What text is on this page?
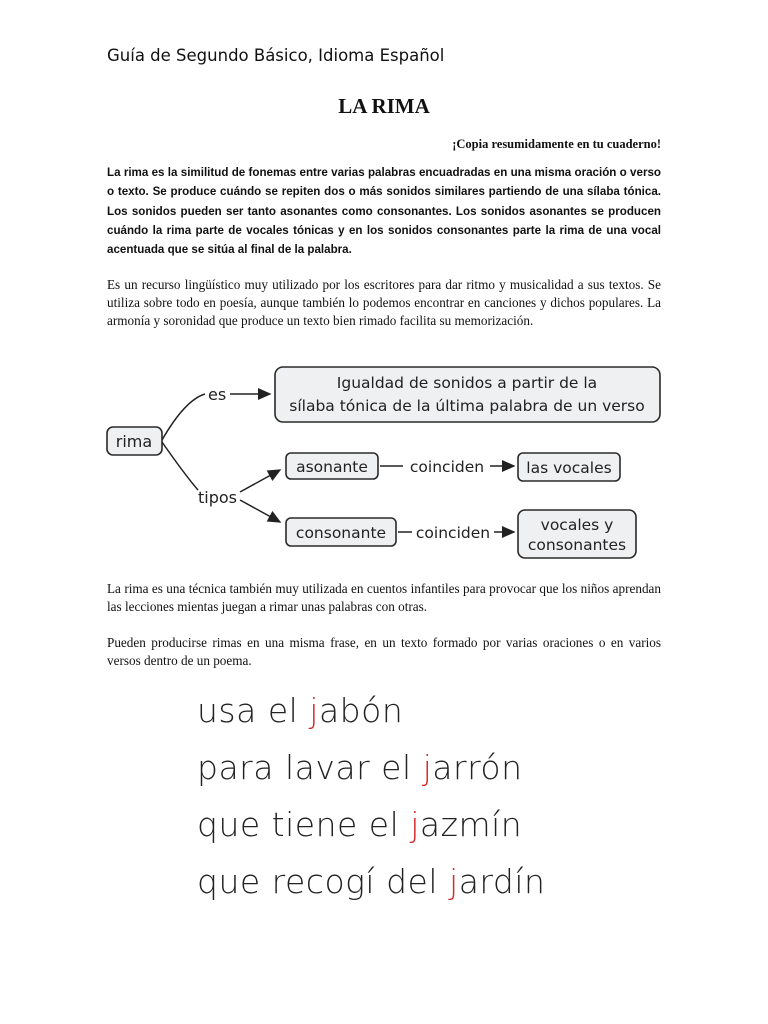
Guía de Segundo Básico, Idioma Español
LA RIMA
¡Copia resumidamente en tu cuaderno!

La rima es la similitud de fonemas entre varias palabras encuadradas en una misma oración o verso o texto. Se produce cuándo se repiten dos o más sonidos similares partiendo de una sílaba tónica. Los sonidos pueden ser tanto asonantes como consonantes. Los sonidos asonantes se producen cuándo la rima parte de vocales tónicas y en los sonidos consonantes parte la rima de una vocal acentuada que se sitúa al final de la palabra.

Es un recurso lingüístico muy utilizado por los escritores para dar ritmo y musicalidad a sus textos. Se utiliza sobre todo en poesía, aunque también lo podemos encontrar en canciones y dichos populares. La armonía y soronidad que produce un texto bien rimado facilita su memorización.

rima
es
Igualdad de sonidos a partir de la
sílaba tónica de la última palabra de un verso
tipos
asonante	coinciden	las vocales
consonante coinciden	vocales y
consonantes

La rima es una técnica también muy utilizada en cuentos infantiles para provocar que los niños aprendan las lecciones mientas juegan a rimar unas palabras con otras.

Pueden producirse rimas en una misma frase, en un texto formado por varias oraciones o en varios versos dentro de un poema.

usa el jabón
para lavar el jarrón
que tiene el jazmín
que recogí del jardín
